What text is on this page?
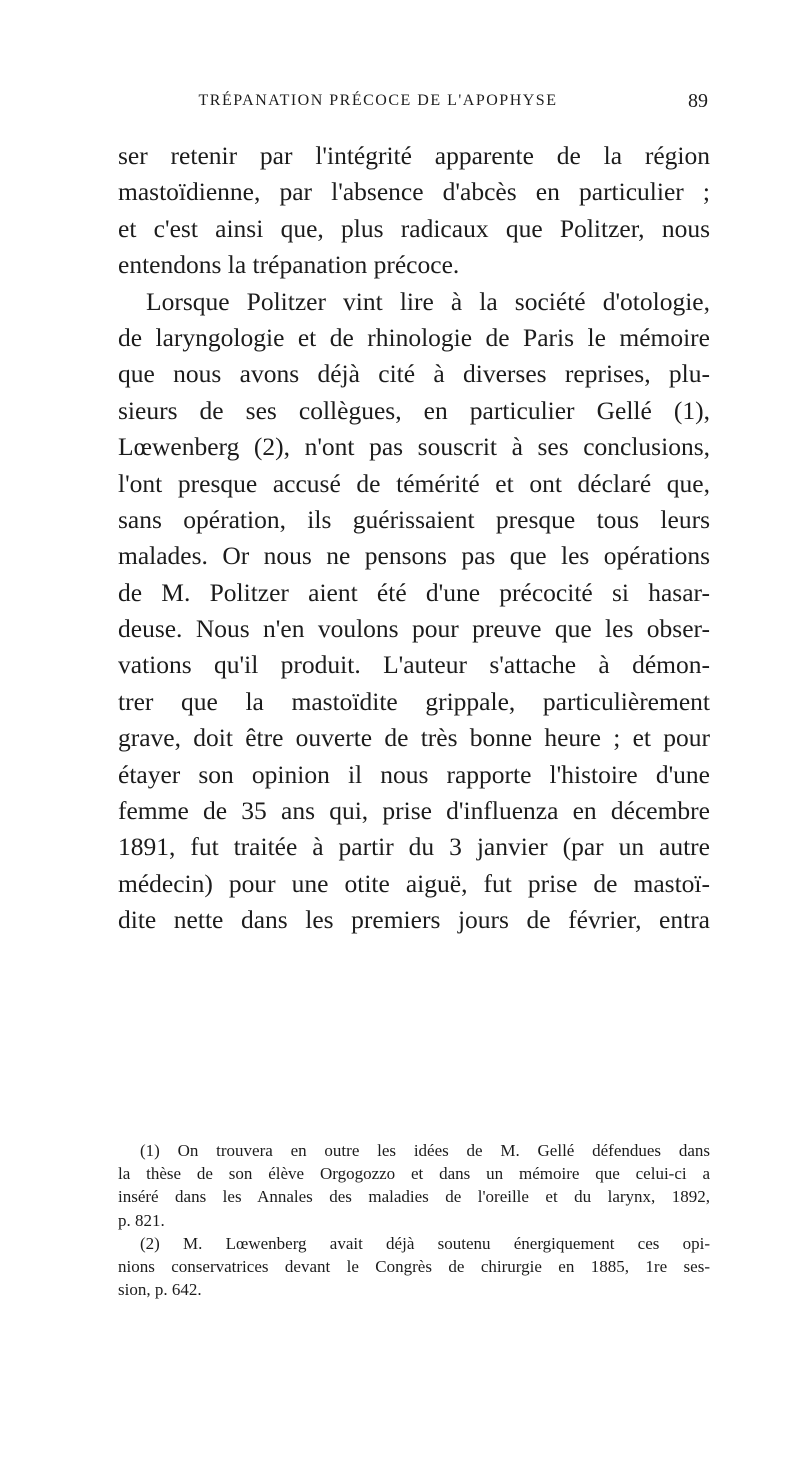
TRÉPANATION PRÉCOCE DE L'APOPHYSE	89
ser retenir par l'intégrité apparente de la région
mastoïdienne, par l'absence d'abcès en particulier ;
et c'est ainsi que, plus radicaux que Politzer, nous
entendons la trépanation précoce.
Lorsque Politzer vint lire à la société d'otologie,
de laryngologie et de rhinologie de Paris le mémoire
que nous avons déjà cité à diverses reprises, plu-
sieurs de ses collègues, en particulier Gellé (1),
Lœwenberg (2), n'ont pas souscrit à ses conclusions,
l'ont presque accusé de témérité et ont déclaré que,
sans opération, ils guérissaient presque tous leurs
malades. Or nous ne pensons pas que les opérations
de M. Politzer aient été d'une précocité si hasar-
deuse. Nous n'en voulons pour preuve que les obser-
vations qu'il produit. L'auteur s'attache à démon-
trer que la mastoïdite grippale, particulièrement
grave, doit être ouverte de très bonne heure ; et pour
étayer son opinion il nous rapporte l'histoire d'une
femme de 35 ans qui, prise d'influenza en décembre
1891, fut traitée à partir du 3 janvier (par un autre
médecin) pour une otite aiguë, fut prise de mastoï-
dite nette dans les premiers jours de février, entra
(1) On trouvera en outre les idées de M. Gellé défendues dans
la thèse de son élève Orgogozzo et dans un mémoire que celui-ci a
inséré dans les Annales des maladies de l'oreille et du larynx, 1892,
p. 821.
(2) M. Lœwenberg avait déjà soutenu énergiquement ces opi-
nions conservatrices devant le Congrès de chirurgie en 1885, 1re ses-
sion, p. 642.
